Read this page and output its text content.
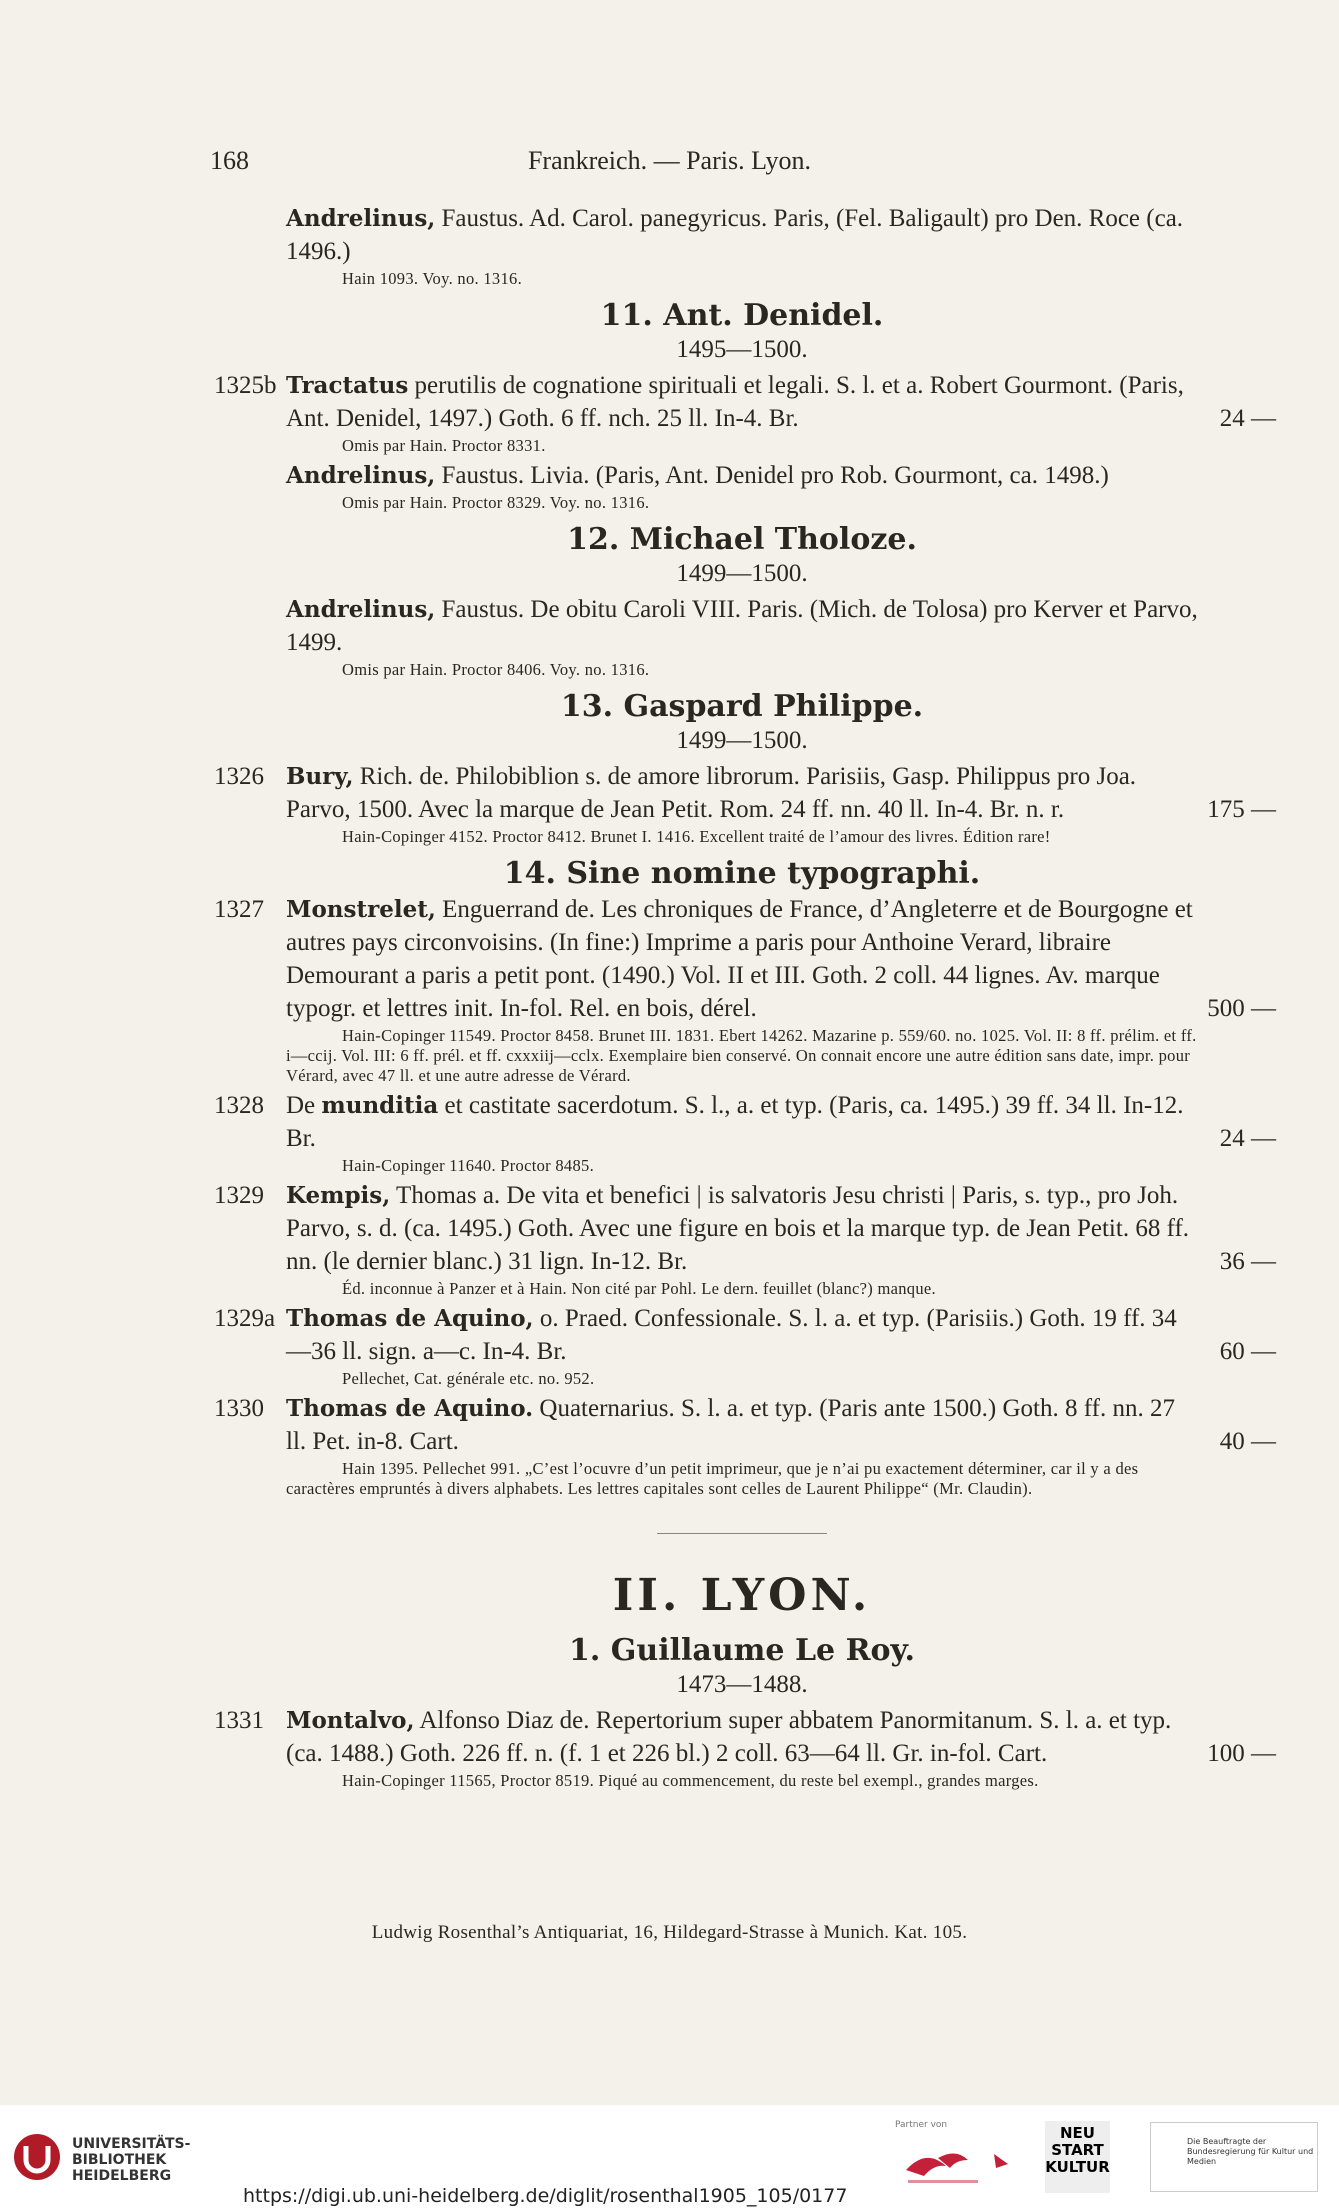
168	Frankreich. — Paris. Lyon.
Andrelinus, Faustus. Ad. Carol. panegyricus. Paris, (Fel. Baligault) pro Den. Roce (ca. 1496.)
Hain 1093. Voy. no. 1316.
11. Ant. Denidel.
1495—1500.
1325b Tractatus perutilis de cognatione spirituali et legali. S. l. et a. Robert Gourmont. (Paris, Ant. Denidel, 1497.) Goth. 6 ff. nch. 25 ll. In-4. Br.	24 —
Omis par Hain. Proctor 8331.
Andrelinus, Faustus. Livia. (Paris, Ant. Denidel pro Rob. Gourmont, ca. 1498.)
Omis par Hain. Proctor 8329. Voy. no. 1316.
12. Michael Tholoze.
1499—1500.
Andrelinus, Faustus. De obitu Caroli VIII. Paris. (Mich. de Tolosa) pro Kerver et Parvo, 1499.
Omis par Hain. Proctor 8406. Voy. no. 1316.
13. Gaspard Philippe.
1499—1500.
1326 Bury, Rich. de. Philobiblion s. de amore librorum. Parisiis, Gasp. Philippus pro Joa. Parvo, 1500. Avec la marque de Jean Petit. Rom. 24 ff. nn. 40 ll. In-4. Br. n. r.	175 —
Hain-Copinger 4152. Proctor 8412. Brunet I. 1416. Excellent traité de l’amour des livres. Édition rare!
14. Sine nomine typographi.
1327 Monstrelet, Enguerrand de. Les chroniques de France, d’Angleterre et de Bourgogne et autres pays circonvoisins. (In fine:) Imprime a paris pour Anthoine Verard, libraire Demourant a paris a petit pont. (1490.) Vol. II et III. Goth. 2 coll. 44 lignes. Av. marque typogr. et lettres init. In-fol. Rel. en bois, dérel.	500 —
Hain-Copinger 11549. Proctor 8458. Brunet III. 1831. Ebert 14262. Mazarine p. 559/60. no. 1025. Vol. II: 8 ff. prélim. et ff. i—ccij. Vol. III: 6 ff. prél. et ff. cxxxiij—cclx. Exemplaire bien conservé. On connait encore une autre édition sans date, impr. pour Vérard, avec 47 ll. et une autre adresse de Vérard.
1328 De munditia et castitate sacerdotum. S. l., a. et typ. (Paris, ca. 1495.) 39 ff. 34 ll. In-12. Br.	24 —
Hain-Copinger 11640. Proctor 8485.
1329 Kempis, Thomas a. De vita et benefici | is salvatoris Jesu christi | Paris, s. typ., pro Joh. Parvo, s. d. (ca. 1495.) Goth. Avec une figure en bois et la marque typ. de Jean Petit. 68 ff. nn. (le dernier blanc.) 31 lign. In-12. Br.	36 —
Éd. inconnue à Panzer et à Hain. Non cité par Pohl. Le dern. feuillet (blanc?) manque.
1329a Thomas de Aquino, o. Praed. Confessionale. S. l. a. et typ. (Parisiis.) Goth. 19 ff. 34—36 ll. sign. a—c. In-4. Br.	60 —
Pellechet, Cat. générale etc. no. 952.
1330 Thomas de Aquino. Quaternarius. S. l. a. et typ. (Paris ante 1500.) Goth. 8 ff. nn. 27 ll. Pet. in-8. Cart.	40 —
Hain 1395. Pellechet 991. „C’est l’ocuvre d’un petit imprimeur, que je n’ai pu exactement déterminer, car il y a des caractères empruntés à divers alphabets. Les lettres capitales sont celles de Laurent Philippe“ (Mr. Claudin).
II. LYON.
1. Guillaume Le Roy.
1473—1488.
1331 Montalvo, Alfonso Diaz de. Repertorium super abbatem Panormitanum. S. l. a. et typ. (ca. 1488.) Goth. 226 ff. n. (f. 1 et 226 bl.) 2 coll. 63—64 ll. Gr. in-fol. Cart.	100 —
Hain-Copinger 11565, Proctor 8519. Piqué au commencement, du reste bel exempl., grandes marges.
Ludwig Rosenthal’s Antiquariat, 16, Hildegard-Strasse à Munich. Kat. 105.
UNIVERSITÄTS-
BIBLIOTHEK
HEIDELBERG
Partner von	NEU
START
KULTUR
Die Beauftragte der Bundesregierung für Kultur und Medien
https://digi.ub.uni-heidelberg.de/diglit/rosenthal1905_105/0177
